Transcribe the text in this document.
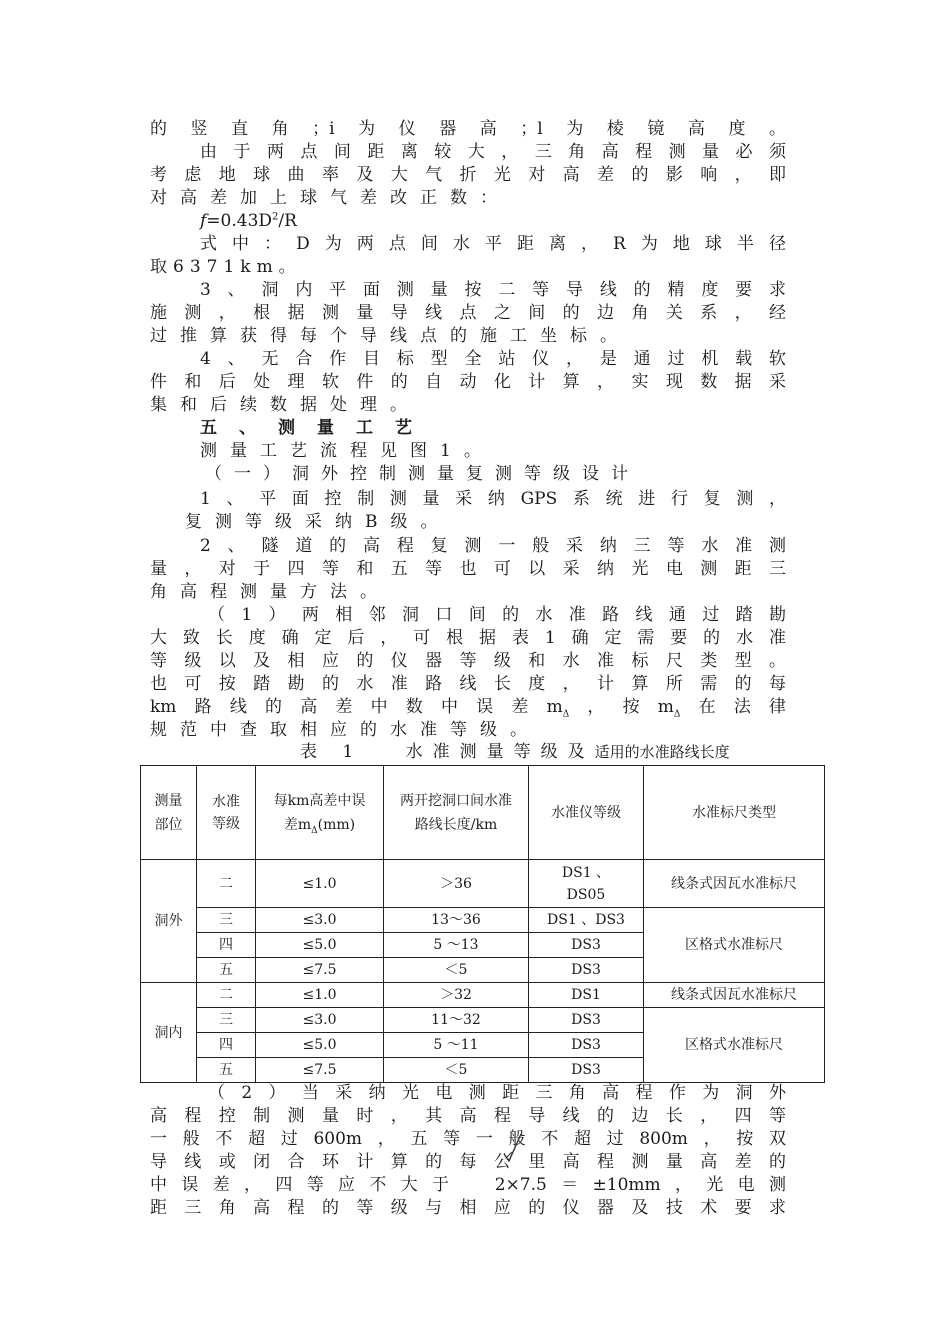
的竖直角；i为仪器高；l为棱镜高度。
由于两点间距离较大，三角高程测量必须
考虑地球曲率及大气折光对高差的影响，即
对高差加上球气差改正数：
$f=0.43D^2/R$
式中：D为两点间水平距离，R为地球半径
取6371km。
3、洞内平面测量按二等导线的精度要求
施测，根据测量导线点之间的边角关系，经
过推算获得每个导线点的施工坐标。
4、无合作目标型全站仪，是通过机载软
件和后处理软件的自动化计算，实现数据采
集和后续数据处理。
五、测量工艺
测量工艺流程见图1。
（一）洞外控制测量复测等级设计
1、平面控制测量采纳GPS系统进行复测，
复测等级采纳B级。
2、隧道的高程复测一般采纳三等水准测
量，对于四等和五等也可以采纳光电测距三
角高程测量方法。
（1）两相邻洞口间的水准路线通过踏勘
大致长度确定后，可根据表1确定需要的水准
等级以及相应的仪器等级和水准标尺类型。
也可按踏勘的水准路线长度，计算所需的每
km路线的高差中数中误差$m_\Delta$，按$m_\Delta$在法律
规范中查取相应的水准等级。
表 1　 水准测量等级及适用的水准路线长度
测量部位	水准等级	每km高差中误差$m_\Delta(mm)$	两开挖洞口间水准路线长度/km	水准仪等级	水准标尺类型
洞外	二	≤1.0	＞36	DS1 、DS05	线条式因瓦水准标尺
	三	≤3.0	13～36	DS1 、DS3	区格式水准标尺
	四	≤5.0	5 ～13	DS3	
	五	≤7.5	＜5	DS3	
洞内	二	≤1.0	＞32	DS1	线条式因瓦水准标尺
	三	≤3.0	11～32	DS3	区格式水准标尺
	四	≤5.0	5 ～11	DS3	
	五	≤7.5	＜5	DS3	
（2）当采纳光电测距三角高程作为洞外
高程控制测量时，其高程导线的边长，四等
一般不超过600m，五等一般不超过800m，按双
导线或闭合环计算的每公里高程测量高差的
中误差，四等应不大于　2×7.5＝±10mm，光电测
距三角高程的等级与相应的仪器及技术要求
